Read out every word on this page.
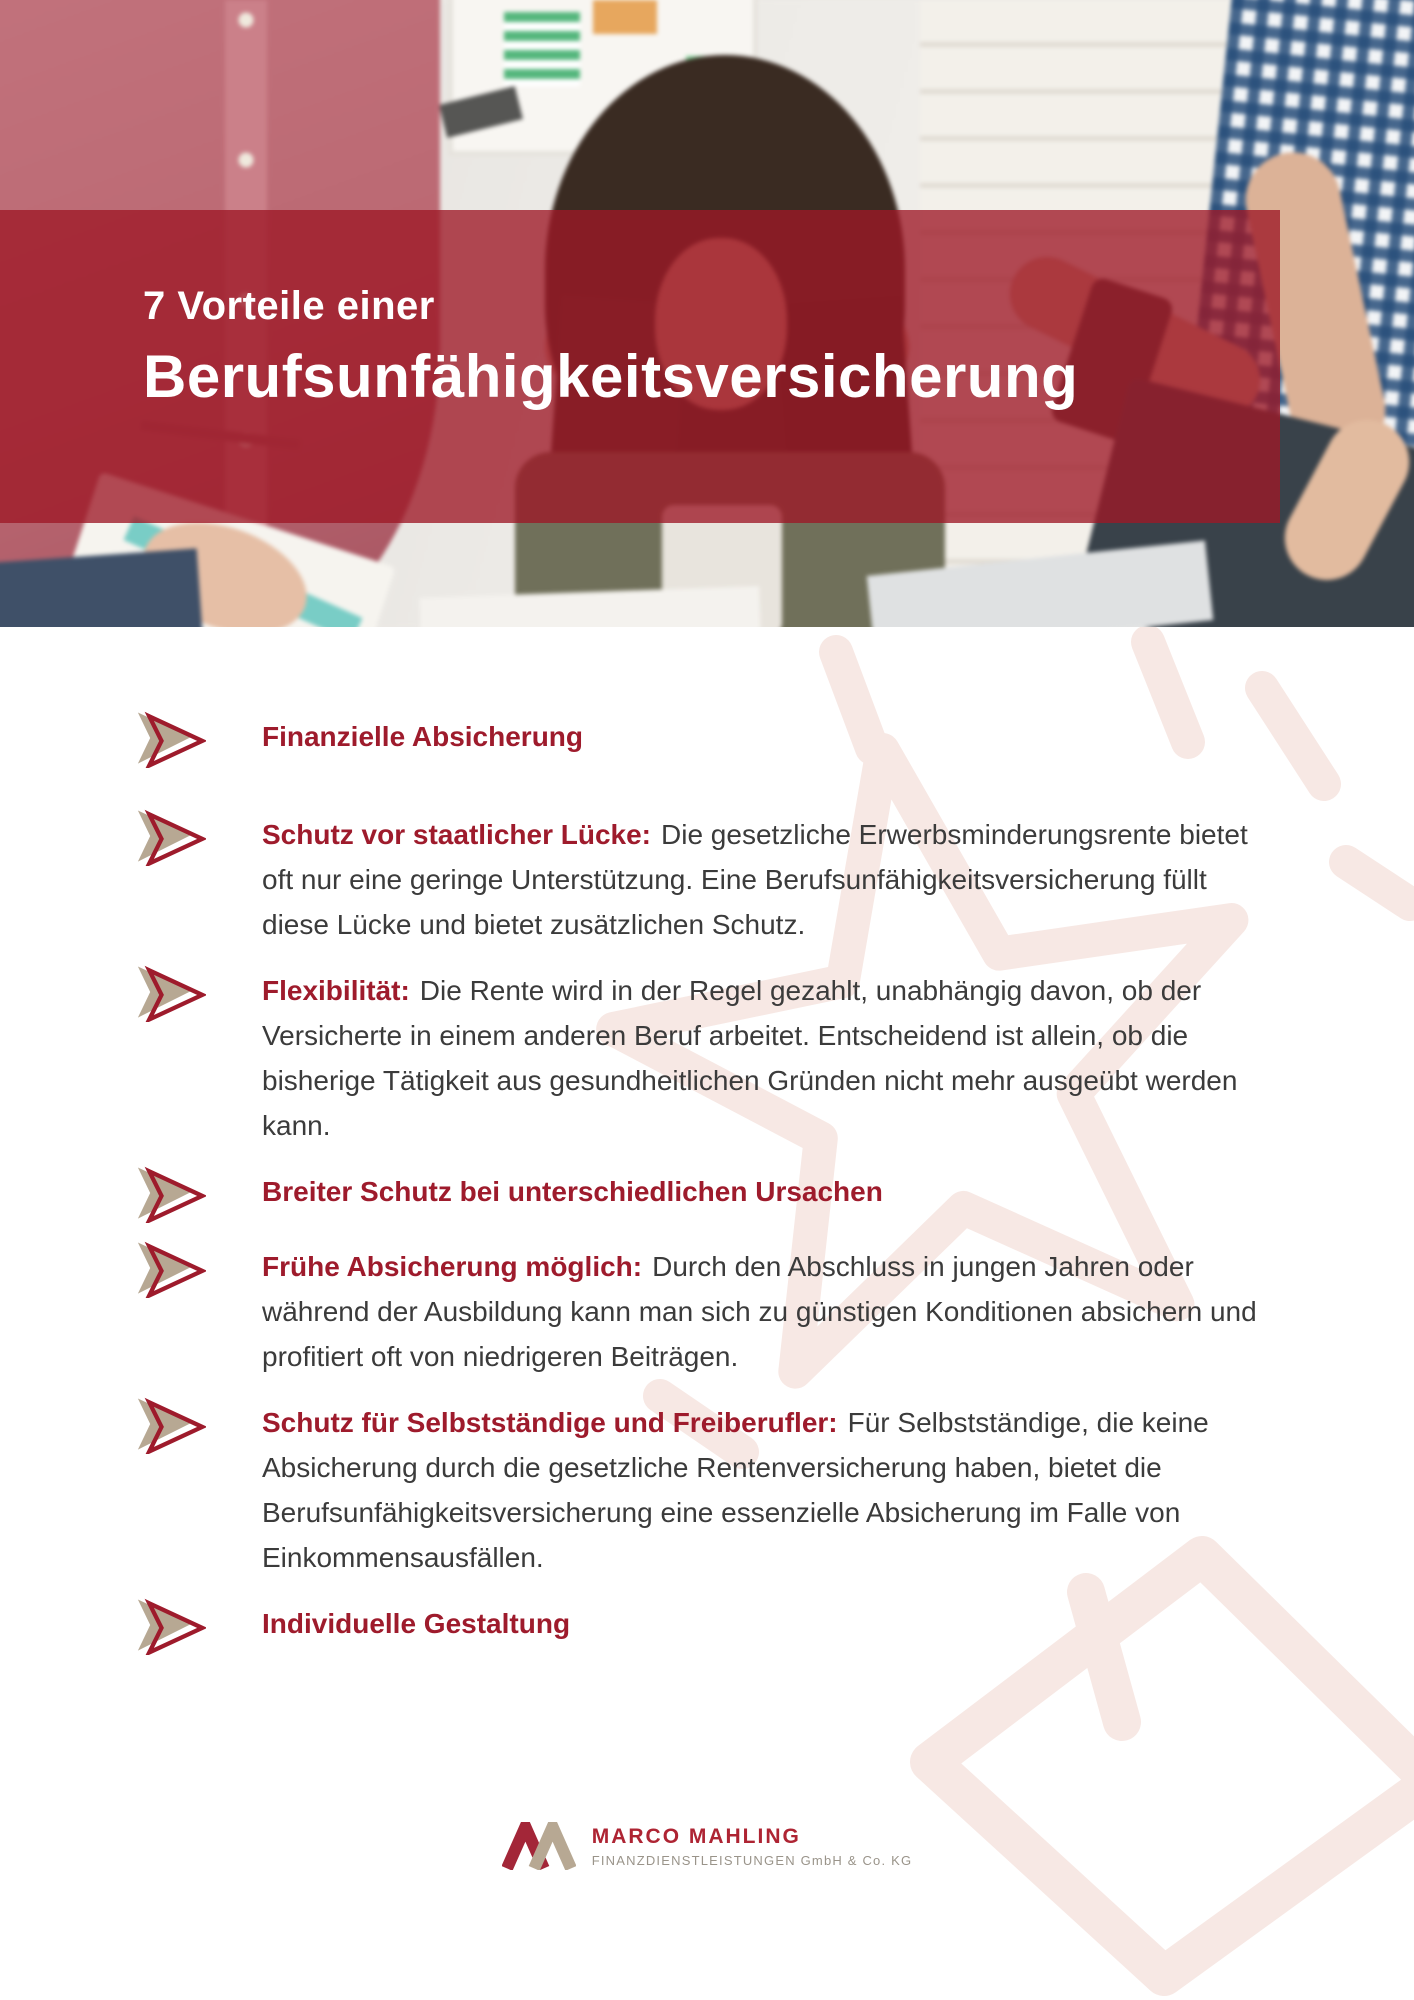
7 Vorteile einer
Berufsunfähigkeitsversicherung

Finanzielle Absicherung

Schutz vor staatlicher Lücke: Die gesetzliche Erwerbsminderungsrente bietet oft nur eine geringe Unterstützung. Eine Berufsunfähigkeitsversicherung füllt diese Lücke und bietet zusätzlichen Schutz.

Flexibilität: Die Rente wird in der Regel gezahlt, unabhängig davon, ob der Versicherte in einem anderen Beruf arbeitet. Entscheidend ist allein, ob die bisherige Tätigkeit aus gesundheitlichen Gründen nicht mehr ausgeübt werden kann.

Breiter Schutz bei unterschiedlichen Ursachen

Frühe Absicherung möglich: Durch den Abschluss in jungen Jahren oder während der Ausbildung kann man sich zu günstigen Konditionen absichern und profitiert oft von niedrigeren Beiträgen.

Schutz für Selbstständige und Freiberufler: Für Selbstständige, die keine Absicherung durch die gesetzliche Rentenversicherung haben, bietet die Berufsunfähigkeitsversicherung eine essenzielle Absicherung im Falle von Einkommensausfällen.

Individuelle Gestaltung

MARCO MAHLING
FINANZDIENSTLEISTUNGEN GmbH & Co. KG
